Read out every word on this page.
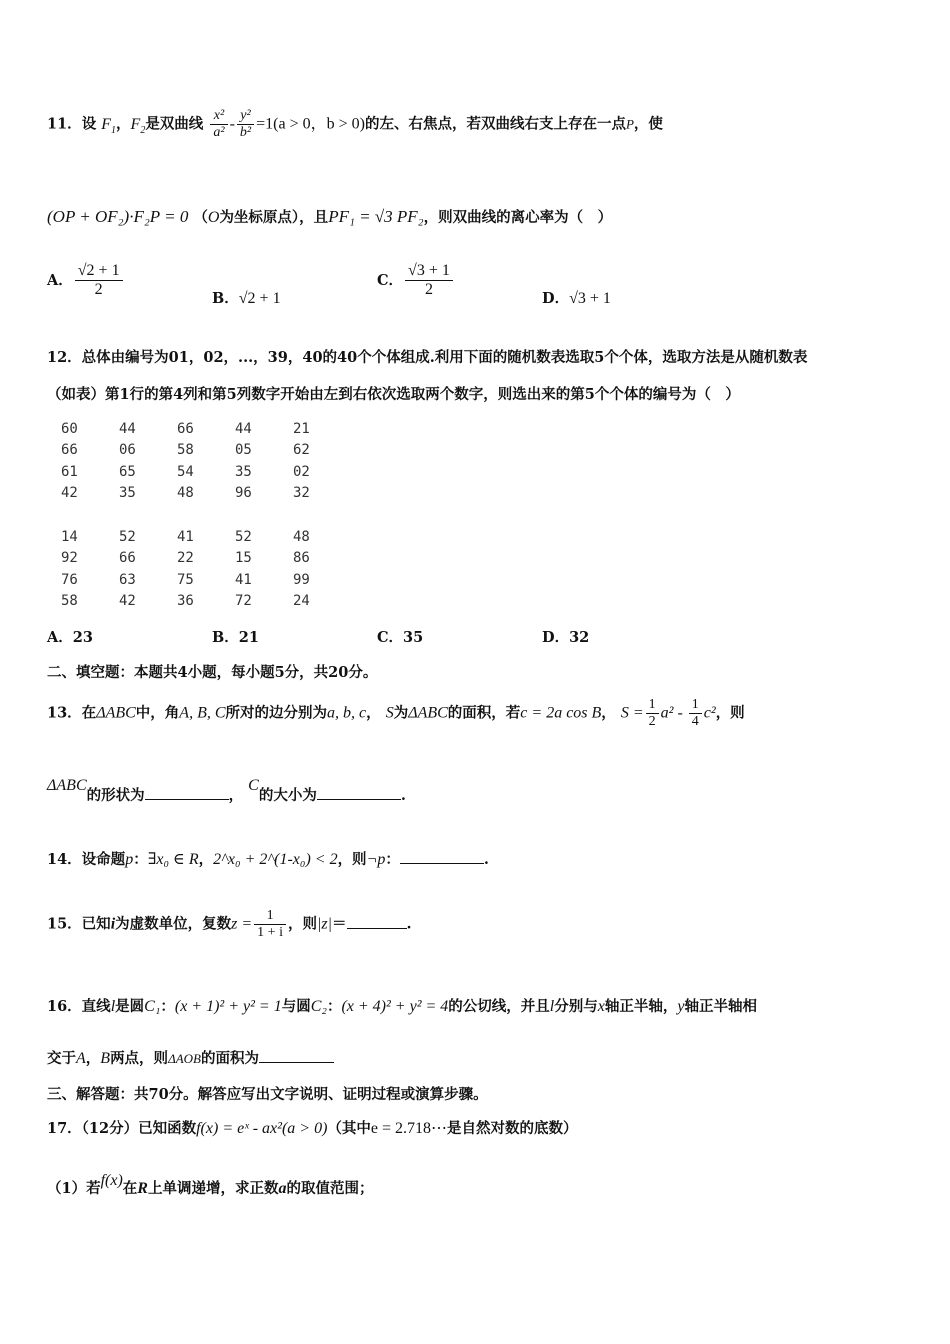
11．设 $F_1$，$F_2$是双曲线 $\frac{\text{x²}}{\text{a²}} - \frac{\text{y²}}{\text{b²}} =1(a > 0$，b > 0)的左、右焦点，若双曲线右支上存在一点P，使
(OP + OF₂)·F₂P = 0 （O为坐标原点），且PF₁ = √3 PF₂，则双曲线的离心率为（　）
A． $\frac{√2 + 1}{2}$	B．√2 + 1
C． $\frac{√3 + 1}{2}$	D．√3 + 1
12．总体由编号为01，02，...，39，40的40个个体组成.利用下面的随机数表选取5个个体，选取方法是从随机数表
（如表）第1行的第4列和第5列数字开始由左到右依次选取两个数字，则选出来的第5个个体的编号为（　）
60	44	66	44	21
66	06	58	05	62
61	65	54	35	02
42	35	48	96	32
14	52	41	52	48
92	66	22	15	86
76	63	75	41	99
58	42	36	72	24
A．23	B．21	C．35	D．32
二、填空题：本题共4小题，每小题5分，共20分。
13．在ΔABC中，角A, B, C所对的边分别为a, b, c， S为ΔABC的面积，若c = 2a cos B， $S = \frac{1}{2} a^2 - \frac{1}{4} c^2$，则
ΔABC的形状为	， C的大小为	.
14．设命题p：∃x₀ ∈ R，2^x₀ + 2^(1-x₀) < 2，则¬p：	.
15．已知i为虚数单位，复数$z = \frac{1}{1 + i}$ ，则|z|＝	.
16．直线l是圆C₁：(x + 1)² + y² = 1与圆C₂：(x + 4)² + y² = 4的公切线，并且l分别与x轴正半轴，y轴正半轴相
交于A，B两点，则ΔAOB的面积为
三、解答题：共70分。解答应写出文字说明、证明过程或演算步骤。
17．（12分）已知函数f(x) = eˣ - ax²(a > 0)（其中e = 2.718⋯是自然对数的底数）
（1）若f(x)在R上单调递增，求正数a的取值范围；
